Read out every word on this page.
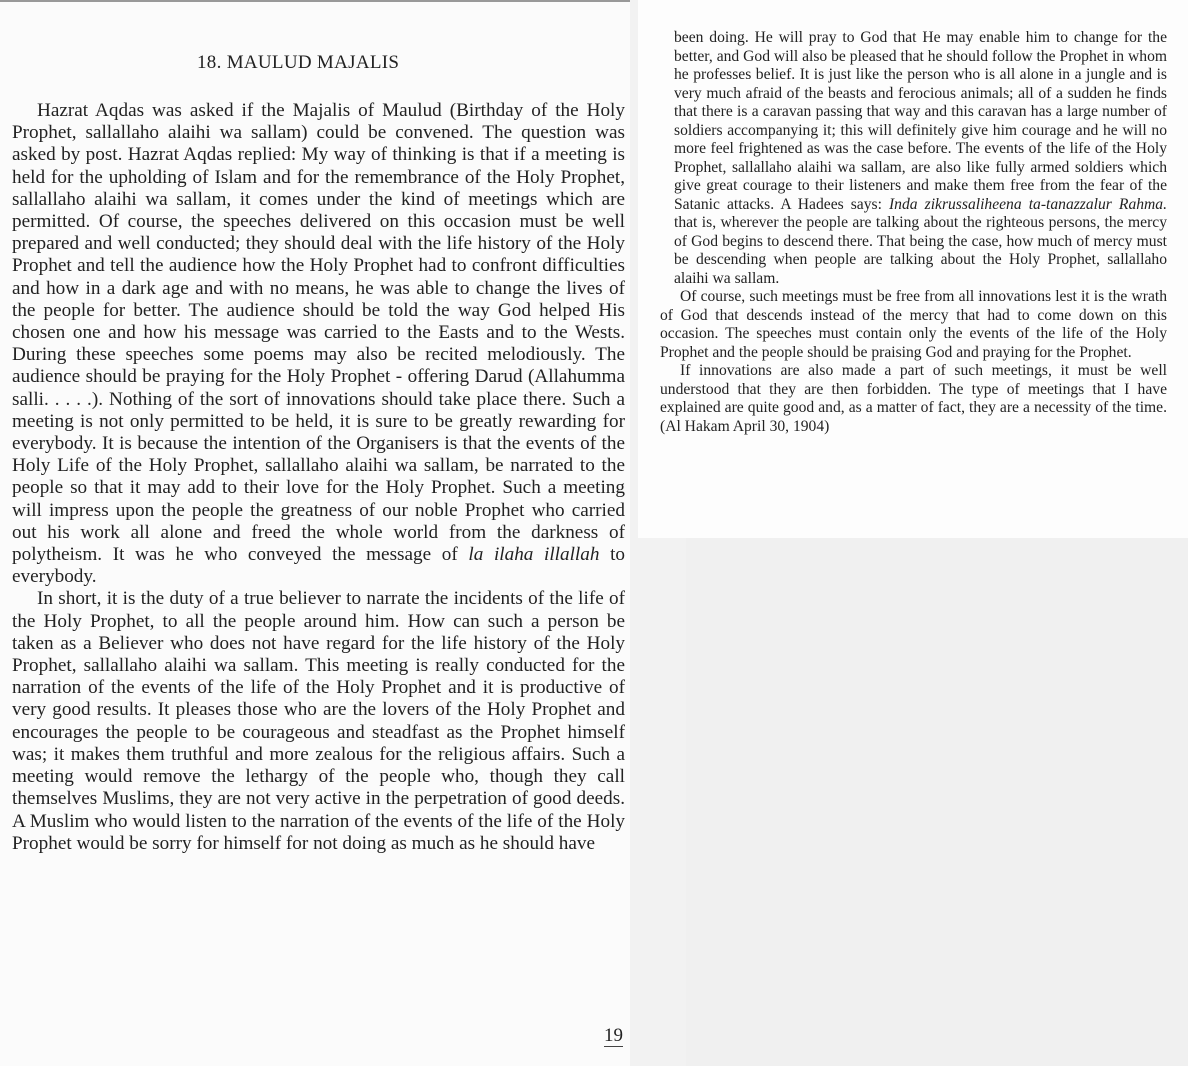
18. MAULUD MAJALIS

Hazrat Aqdas was asked if the Majalis of Maulud (Birthday of the Holy Prophet, sallallaho alaihi wa sallam) could be convened. The question was asked by post. Hazrat Aqdas replied: My way of thinking is that if a meeting is held for the upholding of Islam and for the remembrance of the Holy Prophet, sallallaho alaihi wa sallam, it comes under the kind of meetings which are permitted. Of course, the speeches delivered on this occasion must be well prepared and well conducted; they should deal with the life history of the Holy Prophet and tell the audience how the Holy Prophet had to confront difficulties and how in a dark age and with no means, he was able to change the lives of the people for better. The audience should be told the way God helped His chosen one and how his message was carried to the Easts and to the Wests. During these speeches some poems may also be recited melodiously. The audience should be praying for the Holy Prophet - offering Darud (Allahumma salli. . . . .). Nothing of the sort of innovations should take place there. Such a meeting is not only permitted to be held, it is sure to be greatly rewarding for everybody. It is because the intention of the Organisers is that the events of the Holy Life of the Holy Prophet, sallallaho alaihi wa sallam, be narrated to the people so that it may add to their love for the Holy Prophet. Such a meeting will impress upon the people the greatness of our noble Prophet who carried out his work all alone and freed the whole world from the darkness of polytheism. It was he who conveyed the message of la ilaha illallah to everybody.

In short, it is the duty of a true believer to narrate the incidents of the life of the Holy Prophet, to all the people around him. How can such a person be taken as a Believer who does not have regard for the life history of the Holy Prophet, sallallaho alaihi wa sallam. This meeting is really conducted for the narration of the events of the life of the Holy Prophet and it is productive of very good results. It pleases those who are the lovers of the Holy Prophet and encourages the people to be courageous and steadfast as the Prophet himself was; it makes them truthful and more zealous for the religious affairs. Such a meeting would remove the lethargy of the people who, though they call themselves Muslims, they are not very active in the perpetration of good deeds. A Muslim who would listen to the narration of the events of the life of the Holy Prophet would be sorry for himself for not doing as much as he should have

19

been doing. He will pray to God that He may enable him to change for the better, and God will also be pleased that he should follow the Prophet in whom he professes belief. It is just like the person who is all alone in a jungle and is very much afraid of the beasts and ferocious animals; all of a sudden he finds that there is a caravan passing that way and this caravan has a large number of soldiers accompanying it; this will definitely give him courage and he will no more feel frightened as was the case before. The events of the life of the Holy Prophet, sallallaho alaihi wa sallam, are also like fully armed soldiers which give great courage to their listeners and make them free from the fear of the Satanic attacks. A Hadees says: Inda zikrussaliheena ta-tanazzalur Rahma. that is, wherever the people are talking about the righteous persons, the mercy of God begins to descend there. That being the case, how much of mercy must be descending when people are talking about the Holy Prophet, sallallaho alaihi wa sallam.

Of course, such meetings must be free from all innovations lest it is the wrath of God that descends instead of the mercy that had to come down on this occasion. The speeches must contain only the events of the life of the Holy Prophet and the people should be praising God and praying for the Prophet.

If innovations are also made a part of such meetings, it must be well understood that they are then forbidden. The type of meetings that I have explained are quite good and, as a matter of fact, they are a necessity of the time. (Al Hakam April 30, 1904)
